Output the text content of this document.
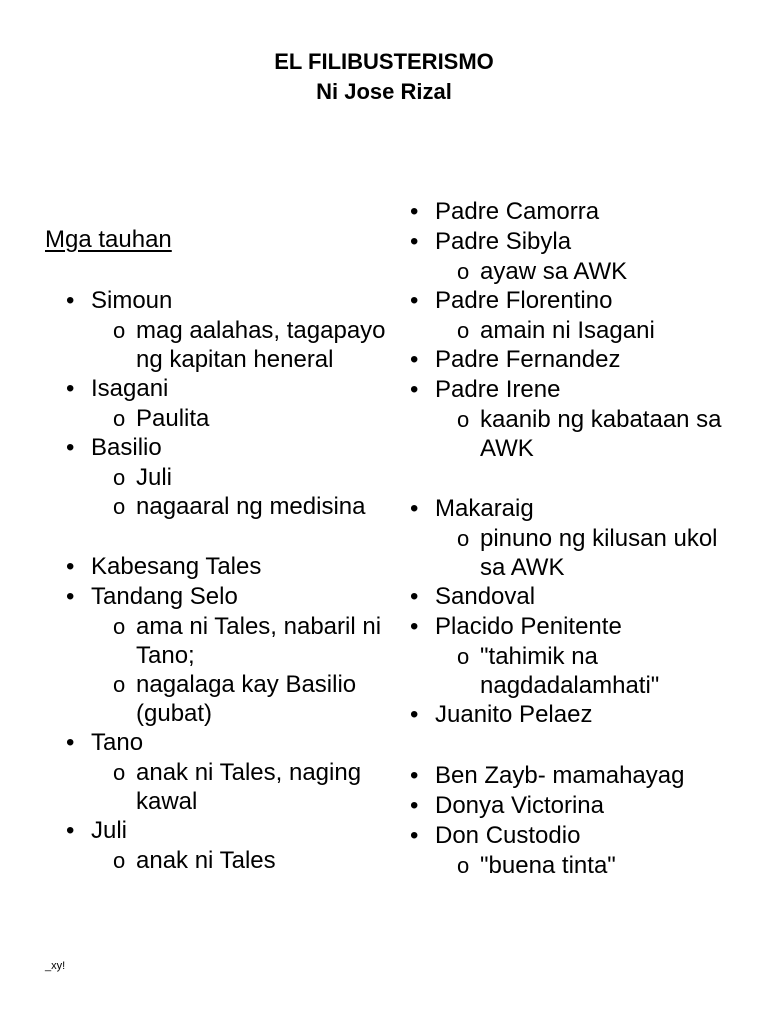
EL FILIBUSTERISMO
Ni Jose Rizal
Mga tauhan
• Simoun
o mag aalahas, tagapayo ng kapitan heneral
• Isagani
o Paulita
• Basilio
o Juli
o nagaaral ng medisina
• Kabesang Tales
• Tandang Selo
o ama ni Tales, nabaril ni Tano;
o nagalaga kay Basilio (gubat)
• Tano
o anak ni Tales, naging kawal
• Juli
o anak ni Tales
• Padre Camorra
• Padre Sibyla
o ayaw sa AWK
• Padre Florentino
o amain ni Isagani
• Padre Fernandez
• Padre Irene
o kaanib ng kabataan sa AWK
• Makaraig
o pinuno ng kilusan ukol sa AWK
• Sandoval
• Placido Penitente
o "tahimik na nagdadalamhati"
• Juanito Pelaez
• Ben Zayb- mamahayag
• Donya Victorina
• Don Custodio
o "buena tinta"
_xy!
